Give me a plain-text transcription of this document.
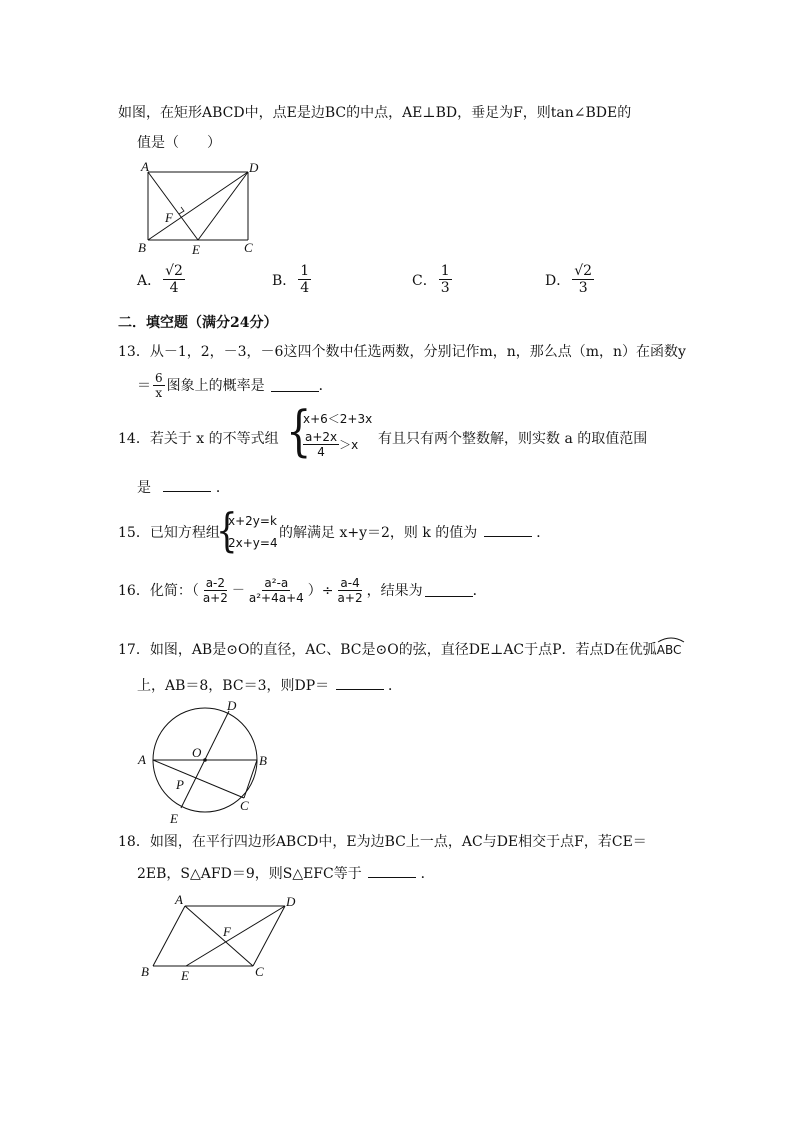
如图，在矩形ABCD中，点E是边BC的中点，AE⊥BD，垂足为F，则tan∠BDE的
值是（　　）
A	D
F
B	E	C
A． $\frac{√2}{4}$	B． $\frac{1}{4}$	C． $\frac{1}{3}$	D． $\frac{√2}{3}$
二．填空题（满分24分）
13．从－1，2，－3，－6这四个数中任选两数，分别记作m，n，那么点（m，n）在函数y
＝ $\frac{6}{x}$ 图象上的概率是	．
14．若关于 x 的不等式组 {
x+6＜2+3x
$\frac{a+2x}{4} >x$ 有且只有两个整数解，则实数 a 的取值范围
是	．
15．已知方程组
{
x+2y=k
2x+y=4
的解满足 x+y＝2，则 k 的值为	．
16．化简：（ $\frac{a-2}{a+2} - \frac{\text{a²-a}}{\text{a²+4a+4}}$ ）÷ $\frac{a-4}{a+2}$ ，结果为	．
17．如图，AB是⊙O的直径，AC、BC是⊙O的弦，直径DE⊥AC于点P．若点D在优弧
ABC
上，AB＝8，BC＝3，则DP＝	．
D
O
A	B
P
C
E
18．如图，在平行四边形ABCD中，E为边BC上一点，AC与DE相交于点F，若CE＝
2EB，S△AFD＝9，则S△EFC等于	．
A	D
F
B E	C
